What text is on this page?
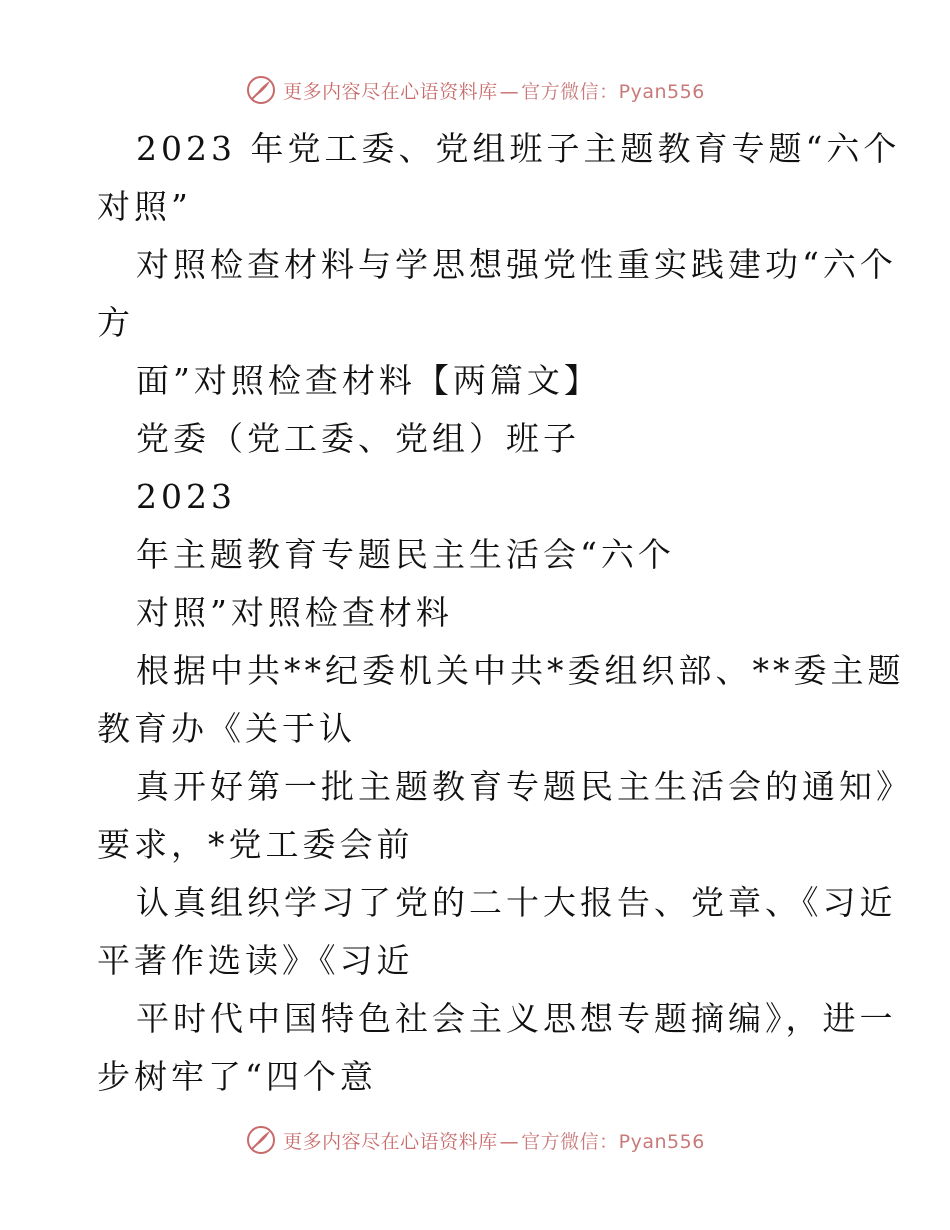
更多内容尽在心语资料库 — 官方微信：Pyan556
2023 年党工委、党组班子主题教育专题“六个
对照”
对照检查材料与学思想强党性重实践建功“六个
方
面”对照检查材料【两篇文】
党委（党工委、党组）班子
2023
年主题教育专题民主生活会“六个
对照”对照检查材料
根据中共**纪委机关中共*委组织部、**委主题
教育办《关于认
真开好第一批主题教育专题民主生活会的通知》
要求，*党工委会前
认真组织学习了党的二十大报告、党章、《习近
平著作选读》《习近
平时代中国特色社会主义思想专题摘编》，进一
步树牢了“四个意
更多内容尽在心语资料库 — 官方微信：Pyan556
